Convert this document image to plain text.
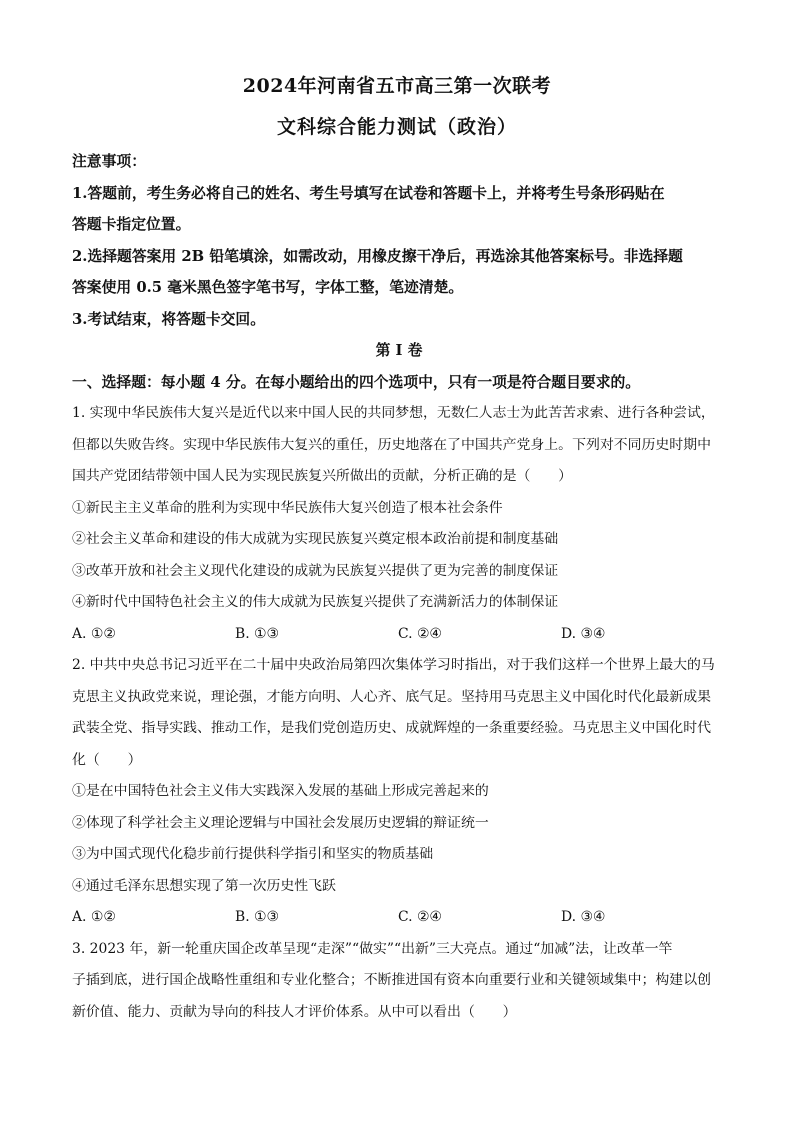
2024年河南省五市高三第一次联考
文科综合能力测试（政治）
注意事项：
1.答题前，考生务必将自己的姓名、考生号填写在试卷和答题卡上，并将考生号条形码贴在
答题卡指定位置。
2.选择题答案用 2B 铅笔填涂，如需改动，用橡皮擦干净后，再选涂其他答案标号。非选择题
答案使用 0.5 毫米黑色签字笔书写，字体工整，笔迹清楚。
3.考试结束，将答题卡交回。
第 I 卷
一、选择题：每小题 4 分。在每小题给出的四个选项中，只有一项是符合题目要求的。
1. 实现中华民族伟大复兴是近代以来中国人民的共同梦想，无数仁人志士为此苦苦求索、进行各种尝试，
但都以失败告终。实现中华民族伟大复兴的重任，历史地落在了中国共产党身上。下列对不同历史时期中
国共产党团结带领中国人民为实现民族复兴所做出的贡献，分析正确的是（　　）
①新民主主义革命的胜利为实现中华民族伟大复兴创造了根本社会条件
②社会主义革命和建设的伟大成就为实现民族复兴奠定根本政治前提和制度基础
③改革开放和社会主义现代化建设的成就为民族复兴提供了更为完善的制度保证
④新时代中国特色社会主义的伟大成就为民族复兴提供了充满新活力的体制保证
A. ①②	B. ①③	C. ②④	D. ③④
2. 中共中央总书记习近平在二十届中央政治局第四次集体学习时指出，对于我们这样一个世界上最大的马
克思主义执政党来说，理论强，才能方向明、人心齐、底气足。坚持用马克思主义中国化时代化最新成果
武装全党、指导实践、推动工作，是我们党创造历史、成就辉煌的一条重要经验。马克思主义中国化时代
化（　　）
①是在中国特色社会主义伟大实践深入发展的基础上形成完善起来的
②体现了科学社会主义理论逻辑与中国社会发展历史逻辑的辩证统一
③为中国式现代化稳步前行提供科学指引和坚实的物质基础
④通过毛泽东思想实现了第一次历史性飞跃
A. ①②	B. ①③	C. ②④	D. ③④
3. 2023 年，新一轮重庆国企改革呈现“走深”“做实”“出新”三大亮点。通过“加减”法，让改革一竿
子插到底，进行国企战略性重组和专业化整合；不断推进国有资本向重要行业和关键领域集中；构建以创
新价值、能力、贡献为导向的科技人才评价体系。从中可以看出（　　）
